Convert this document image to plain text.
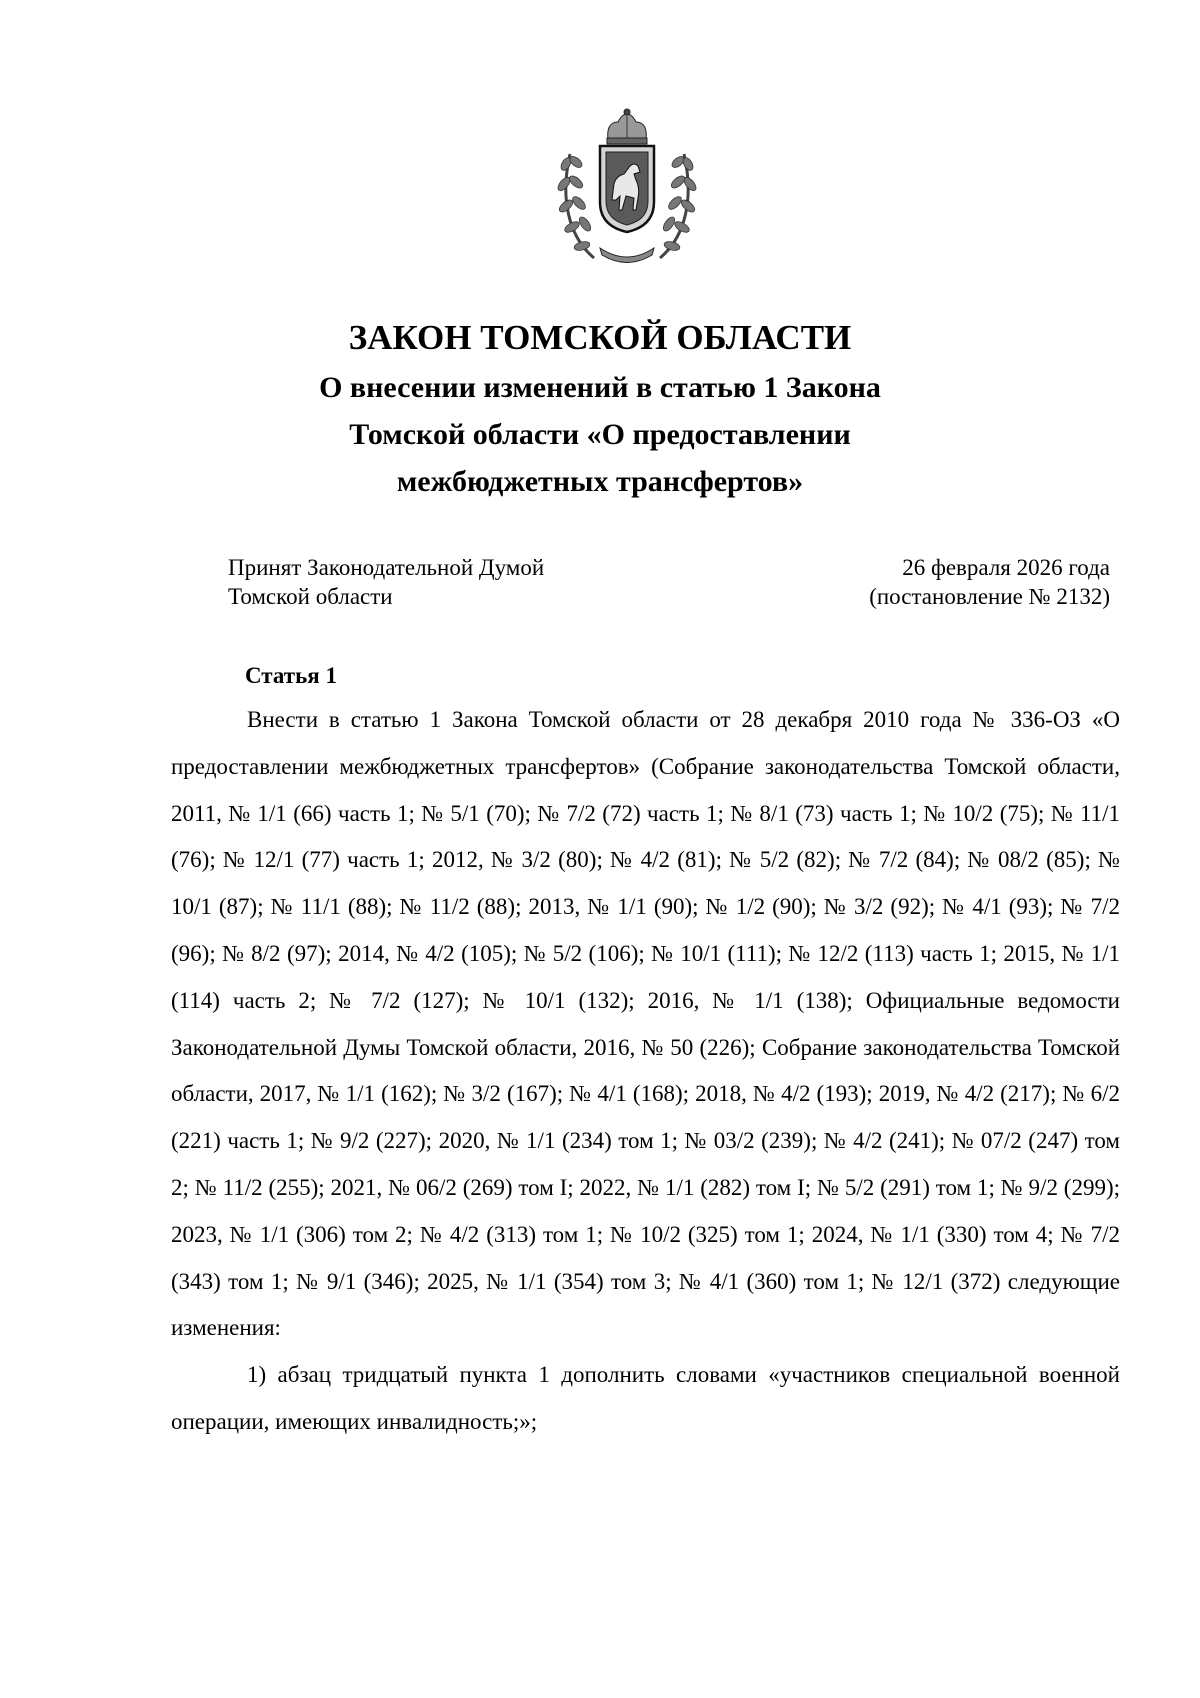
ЗАКОН ТОМСКОЙ ОБЛАСТИ

О внесении изменений в статью 1 Закона
Томской области «О предоставлении
межбюджетных трансфертов»

Принят Законодательной Думой
Томской области
26 февраля 2026 года
(постановление № 2132)
Статья 1

Внести в статью 1 Закона Томской области от 28 декабря 2010 года № 336-ОЗ «О предоставлении межбюджетных трансфертов» (Собрание законодательства Томской области, 2011, № 1/1 (66) часть 1; № 5/1 (70); № 7/2 (72) часть 1; № 8/1 (73) часть 1; № 10/2 (75); № 11/1 (76); № 12/1 (77) часть 1; 2012, № 3/2 (80); № 4/2 (81); № 5/2 (82); № 7/2 (84); № 08/2 (85); № 10/1 (87); № 11/1 (88); № 11/2 (88); 2013, № 1/1 (90); № 1/2 (90); № 3/2 (92); № 4/1 (93); № 7/2 (96); № 8/2 (97); 2014, № 4/2 (105); № 5/2 (106); № 10/1 (111); № 12/2 (113) часть 1; 2015, № 1/1 (114) часть 2; № 7/2 (127); № 10/1 (132); 2016, № 1/1 (138); Официальные ведомости Законодательной Думы Томской области, 2016, № 50 (226); Собрание законодательства Томской области, 2017, № 1/1 (162); № 3/2 (167); № 4/1 (168); 2018, № 4/2 (193); 2019, № 4/2 (217); № 6/2 (221) часть 1; № 9/2 (227); 2020, № 1/1 (234) том 1; № 03/2 (239); № 4/2 (241); № 07/2 (247) том 2; № 11/2 (255); 2021, № 06/2 (269) том I; 2022, № 1/1 (282) том I; № 5/2 (291) том 1; № 9/2 (299); 2023, № 1/1 (306) том 2; № 4/2 (313) том 1; № 10/2 (325) том 1; 2024, № 1/1 (330) том 4; № 7/2 (343) том 1; № 9/1 (346); 2025, № 1/1 (354) том 3; № 4/1 (360) том 1; № 12/1 (372) следующие изменения:

1) абзац тридцатый пункта 1 дополнить словами «участников специальной военной операции, имеющих инвалидность;»;
